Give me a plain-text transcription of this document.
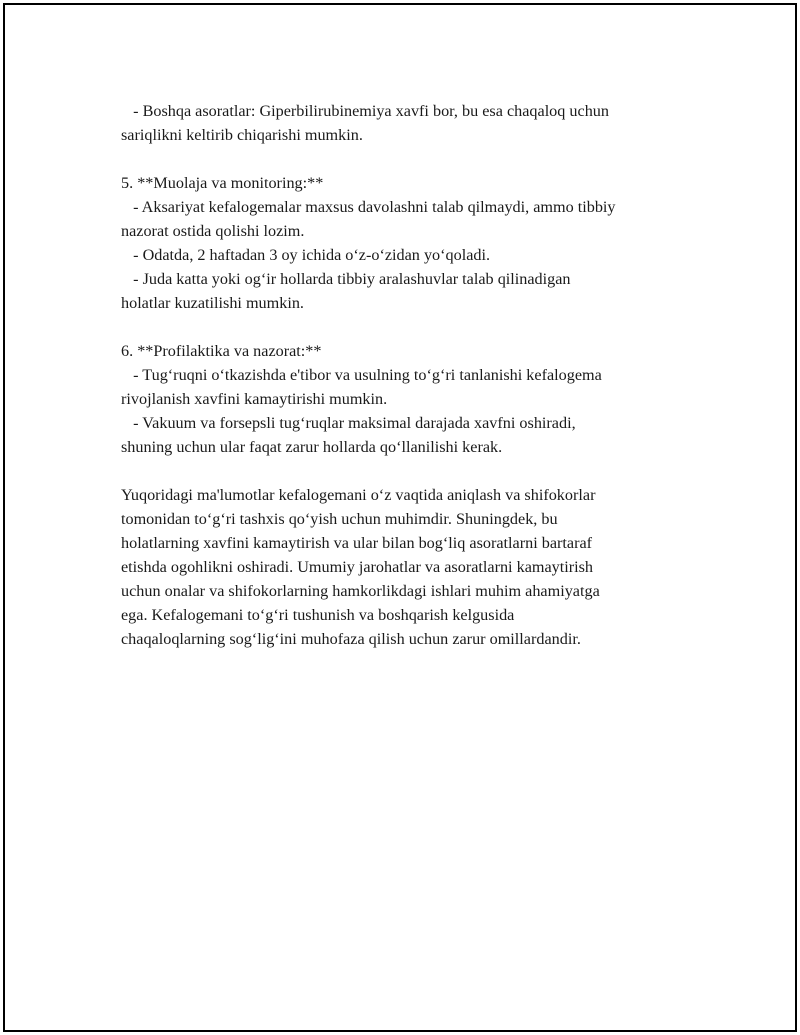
- Boshqa asoratlar: Giperbilirubinemiya xavfi bor, bu esa chaqaloq uchun
sariqlikni keltirib chiqarishi mumkin.
5. **Muolaja va monitoring:**
- Aksariyat kefalogemalar maxsus davolashni talab qilmaydi, ammo tibbiy
nazorat ostida qolishi lozim.
- Odatda, 2 haftadan 3 oy ichida o‘z-o‘zidan yo‘qoladi.
- Juda katta yoki og‘ir hollarda tibbiy aralashuvlar talab qilinadigan
holatlar kuzatilishi mumkin.
6. **Profilaktika va nazorat:**
- Tug‘ruqni o‘tkazishda e'tibor va usulning to‘g‘ri tanlanishi kefalogema
rivojlanish xavfini kamaytirishi mumkin.
- Vakuum va forsepsli tug‘ruqlar maksimal darajada xavfni oshiradi,
shuning uchun ular faqat zarur hollarda qo‘llanilishi kerak.
Yuqoridagi ma'lumotlar kefalogemani o‘z vaqtida aniqlash va shifokorlar
tomonidan to‘g‘ri tashxis qo‘yish uchun muhimdir. Shuningdek, bu
holatlarning xavfini kamaytirish va ular bilan bog‘liq asoratlarni bartaraf
etishda ogohlikni oshiradi. Umumiy jarohatlar va asoratlarni kamaytirish
uchun onalar va shifokorlarning hamkorlikdagi ishlari muhim ahamiyatga
ega. Kefalogemani to‘g‘ri tushunish va boshqarish kelgusida
chaqaloqlarning sog‘lig‘ini muhofaza qilish uchun zarur omillardandir.
